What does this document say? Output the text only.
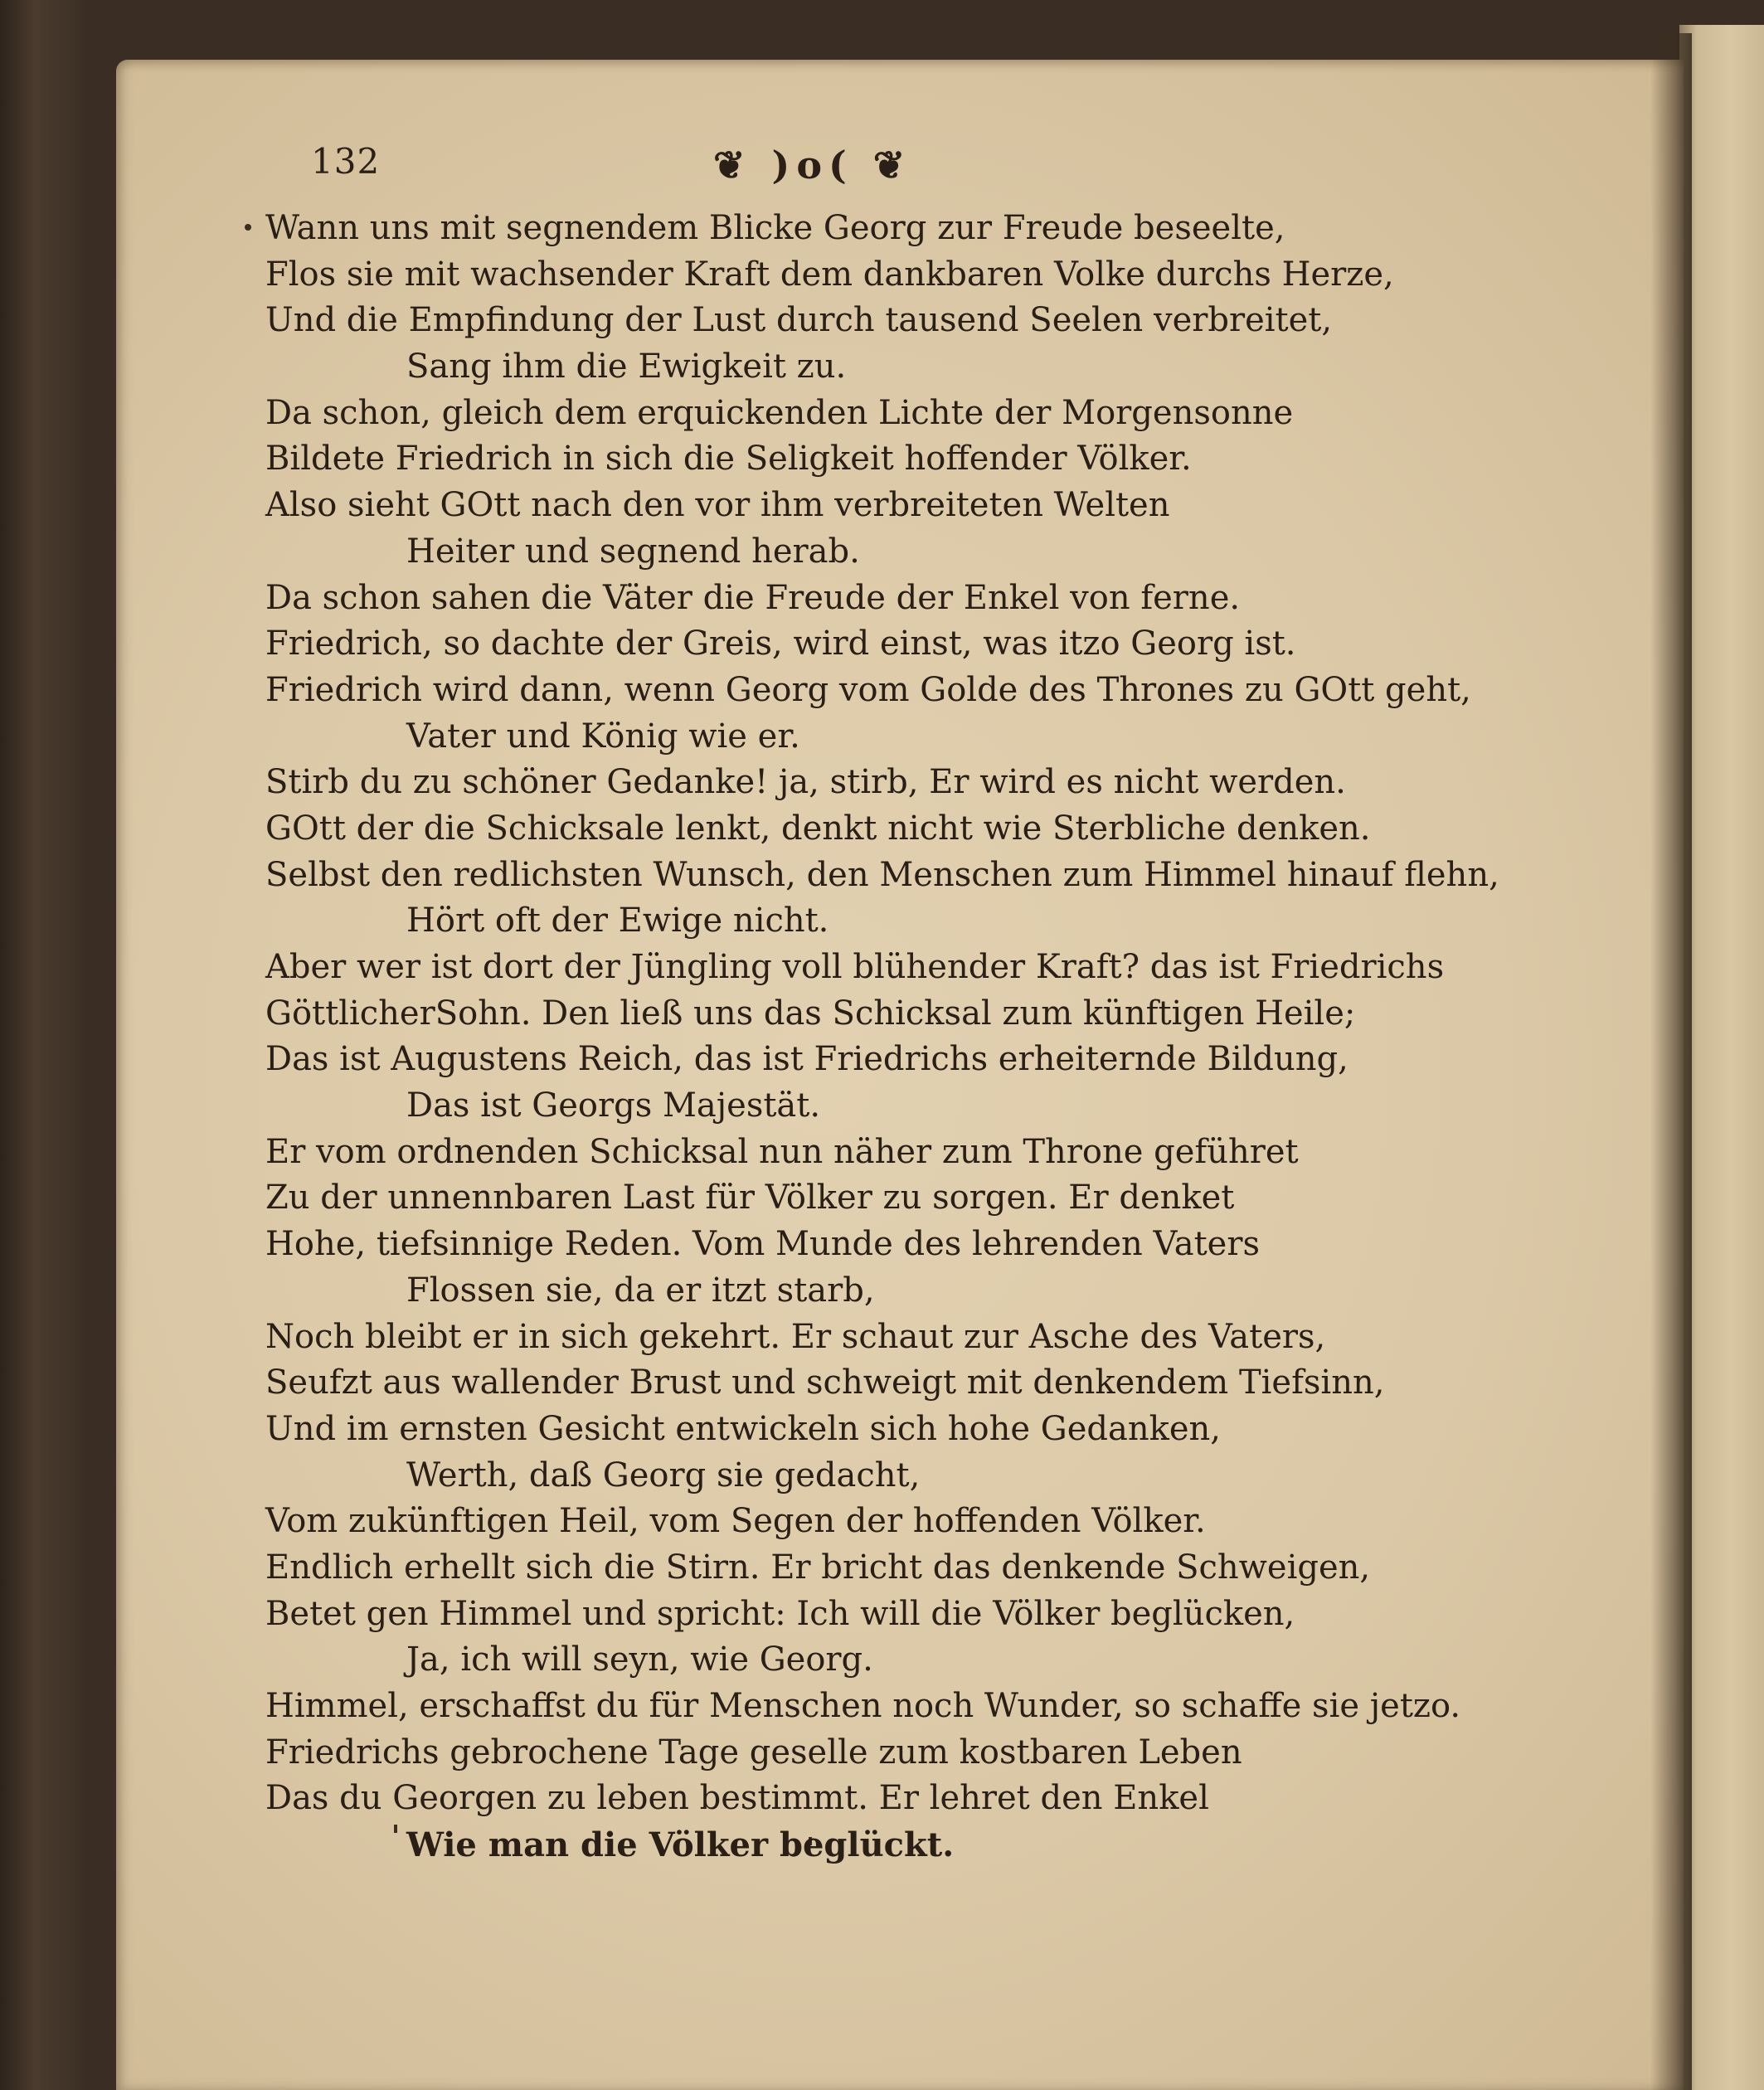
132	❦ )o( ❦
Wann uns mit segnendem Blicke Georg zur Freude beseelte,
Flos sie mit wachsender Kraft dem dankbaren Volke durchs Herze,
Und die Empfindung der Lust durch tausend Seelen verbreitet,
Sang ihm die Ewigkeit zu.
Da schon, gleich dem erquickenden Lichte der Morgensonne
Bildete Friedrich in sich die Seligkeit hoffender Völker.
Also sieht GOtt nach den vor ihm verbreiteten Welten
Heiter und segnend herab.
Da schon sahen die Väter die Freude der Enkel von ferne.
Friedrich, so dachte der Greis, wird einst, was itzo Georg ist.
Friedrich wird dann, wenn Georg vom Golde des Thrones zu GOtt geht,
Vater und König wie er.
Stirb du zu schöner Gedanke! ja, stirb, Er wird es nicht werden.
GOtt der die Schicksale lenkt, denkt nicht wie Sterbliche denken.
Selbst den redlichsten Wunsch, den Menschen zum Himmel hinauf flehn,
Hört oft der Ewige nicht.
Aber wer ist dort der Jüngling voll blühender Kraft? das ist Friedrichs
GöttlicherSohn. Den ließ uns das Schicksal zum künftigen Heile;
Das ist Augustens Reich, das ist Friedrichs erheiternde Bildung,
Das ist Georgs Majestät.
Er vom ordnenden Schicksal nun näher zum Throne geführet
Zu der unnennbaren Last für Völker zu sorgen. Er denket
Hohe, tiefsinnige Reden. Vom Munde des lehrenden Vaters
Flossen sie, da er itzt starb,
Noch bleibt er in sich gekehrt. Er schaut zur Asche des Vaters,
Seufzt aus wallender Brust und schweigt mit denkendem Tiefsinn,
Und im ernsten Gesicht entwickeln sich hohe Gedanken,
Werth, daß Georg sie gedacht,
Vom zukünftigen Heil, vom Segen der hoffenden Völker.
Endlich erhellt sich die Stirn. Er bricht das denkende Schweigen,
Betet gen Himmel und spricht: Ich will die Völker beglücken,
Ja, ich will seyn, wie Georg.
Himmel, erschaffst du für Menschen noch Wunder, so schaffe sie jetzo.
Friedrichs gebrochene Tage geselle zum kostbaren Leben
Das du Georgen zu leben bestimmt. Er lehret den Enkel
Wie man die Völker beglückt.
